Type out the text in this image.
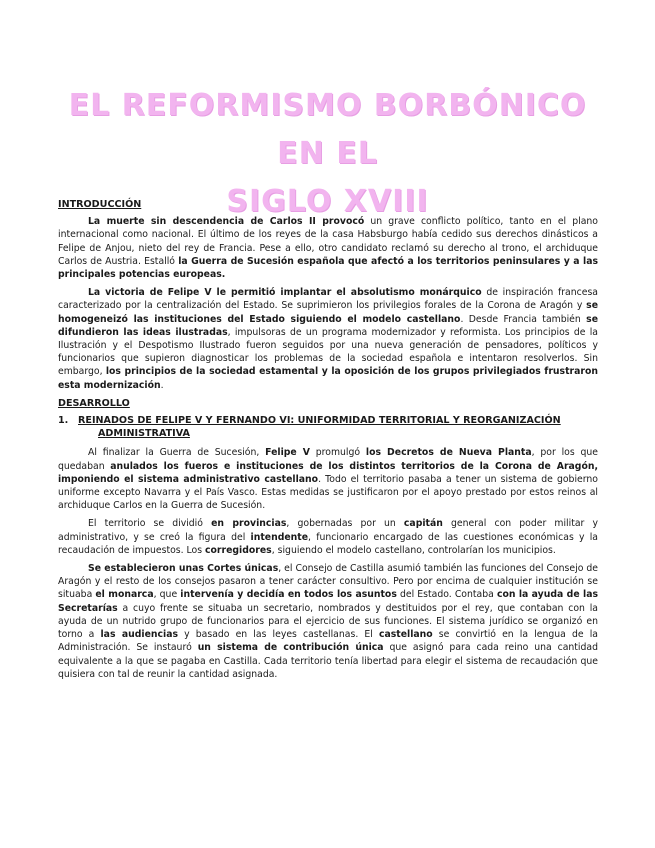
EL REFORMISMO BORBÓNICO EN EL
SIGLO XVIII
INTRODUCCIÓN

La muerte sin descendencia de Carlos II provocó un grave conflicto político, tanto en el plano internacional como nacional. El último de los reyes de la casa Habsburgo había cedido sus derechos dinásticos a Felipe de Anjou, nieto del rey de Francia. Pese a ello, otro candidato reclamó su derecho al trono, el archiduque Carlos de Austria. Estalló la Guerra de Sucesión española que afectó a los territorios peninsulares y a las principales potencias europeas.

La victoria de Felipe V le permitió implantar el absolutismo monárquico de inspiración francesa caracterizado por la centralización del Estado. Se suprimieron los privilegios forales de la Corona de Aragón y se homogeneizó las instituciones del Estado siguiendo el modelo castellano. Desde Francia también se difundieron las ideas ilustradas, impulsoras de un programa modernizador y reformista. Los principios de la Ilustración y el Despotismo Ilustrado fueron seguidos por una nueva generación de pensadores, políticos y funcionarios que supieron diagnosticar los problemas de la sociedad española e intentaron resolverlos. Sin embargo, los principios de la sociedad estamental y la oposición de los grupos privilegiados frustraron esta modernización.

DESARROLLO
1.	REINADOS DE FELIPE V Y FERNANDO VI: UNIFORMIDAD TERRITORIAL Y REORGANIZACIÓN
ADMINISTRATIVA

Al finalizar la Guerra de Sucesión, Felipe V promulgó los Decretos de Nueva Planta, por los que quedaban anulados los fueros e instituciones de los distintos territorios de la Corona de Aragón, imponiendo el sistema administrativo castellano. Todo el territorio pasaba a tener un sistema de gobierno uniforme excepto Navarra y el País Vasco. Estas medidas se justificaron por el apoyo prestado por estos reinos al archiduque Carlos en la Guerra de Sucesión.

El territorio se dividió en provincias, gobernadas por un capitán general con poder militar y administrativo, y se creó la figura del intendente, funcionario encargado de las cuestiones económicas y la recaudación de impuestos. Los corregidores, siguiendo el modelo castellano, controlarían los municipios.

Se establecieron unas Cortes únicas, el Consejo de Castilla asumió también las funciones del Consejo de Aragón y el resto de los consejos pasaron a tener carácter consultivo. Pero por encima de cualquier institución se situaba el monarca, que intervenía y decidía en todos los asuntos del Estado. Contaba con la ayuda de las Secretarías a cuyo frente se situaba un secretario, nombrados y destituidos por el rey, que contaban con la ayuda de un nutrido grupo de funcionarios para el ejercicio de sus funciones. El sistema jurídico se organizó en torno a las audiencias y basado en las leyes castellanas. El castellano se convirtió en la lengua de la Administración. Se instauró un sistema de contribución única que asignó para cada reino una cantidad equivalente a la que se pagaba en Castilla. Cada territorio tenía libertad para elegir el sistema de recaudación que quisiera con tal de reunir la cantidad asignada.
